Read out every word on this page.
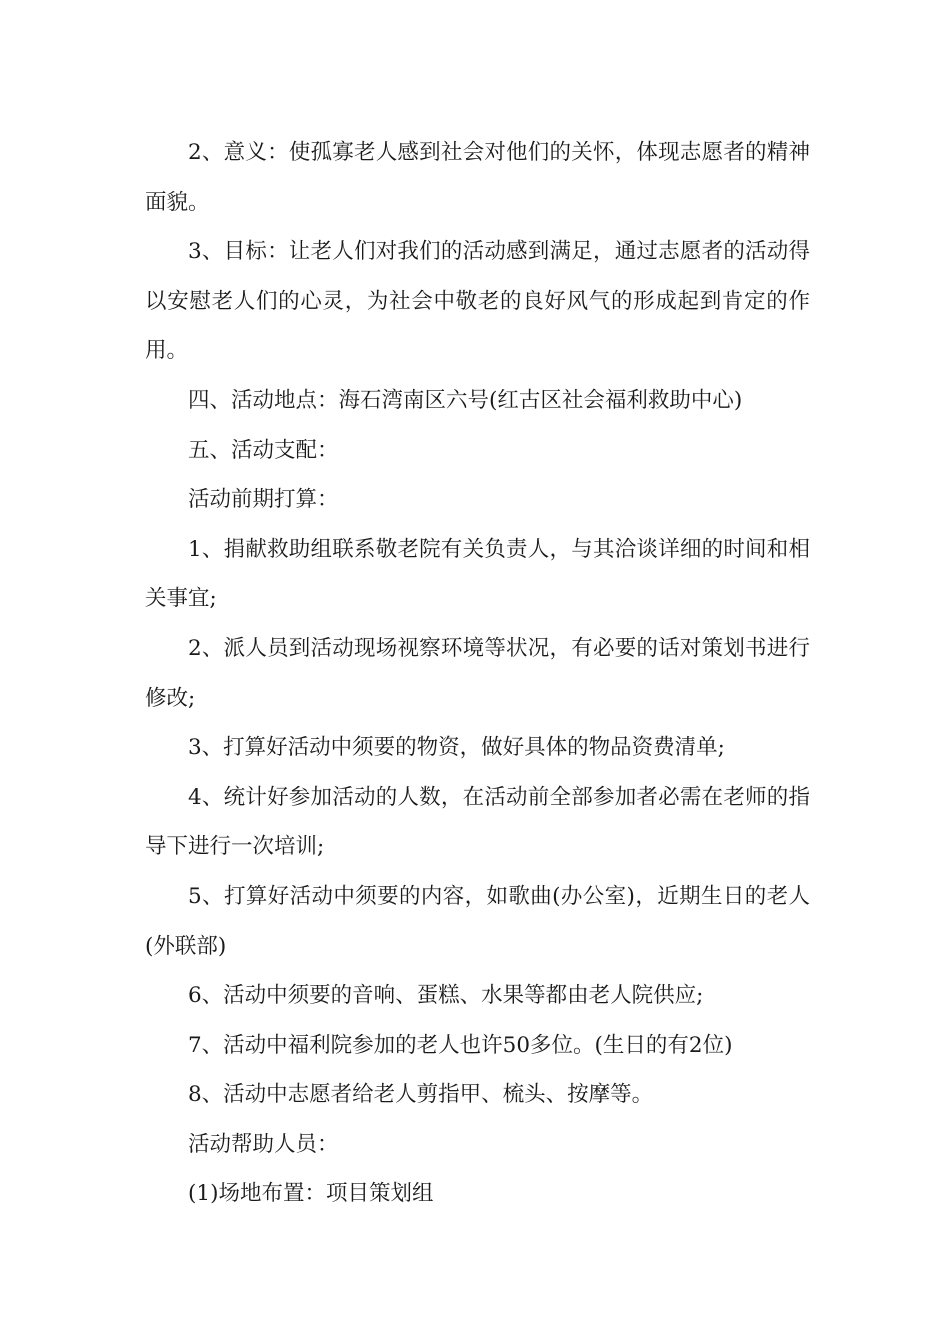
2、意义：使孤寡老人感到社会对他们的关怀，体现志愿者的精神面貌。

3、目标：让老人们对我们的活动感到满足，通过志愿者的活动得以安慰老人们的心灵，为社会中敬老的良好风气的形成起到肯定的作用。

四、活动地点：海石湾南区六号(红古区社会福利救助中心)

五、活动支配：

活动前期打算：

1、捐献救助组联系敬老院有关负责人，与其洽谈详细的时间和相关事宜;

2、派人员到活动现场视察环境等状况，有必要的话对策划书进行修改;

3、打算好活动中须要的物资，做好具体的物品资费清单;

4、统计好参加活动的人数，在活动前全部参加者必需在老师的指导下进行一次培训;

5、打算好活动中须要的内容，如歌曲(办公室)，近期生日的老人(外联部)

6、活动中须要的音响、蛋糕、水果等都由老人院供应;

7、活动中福利院参加的老人也许50多位。(生日的有2位)

8、活动中志愿者给老人剪指甲、梳头、按摩等。

活动帮助人员：

(1)场地布置：项目策划组
